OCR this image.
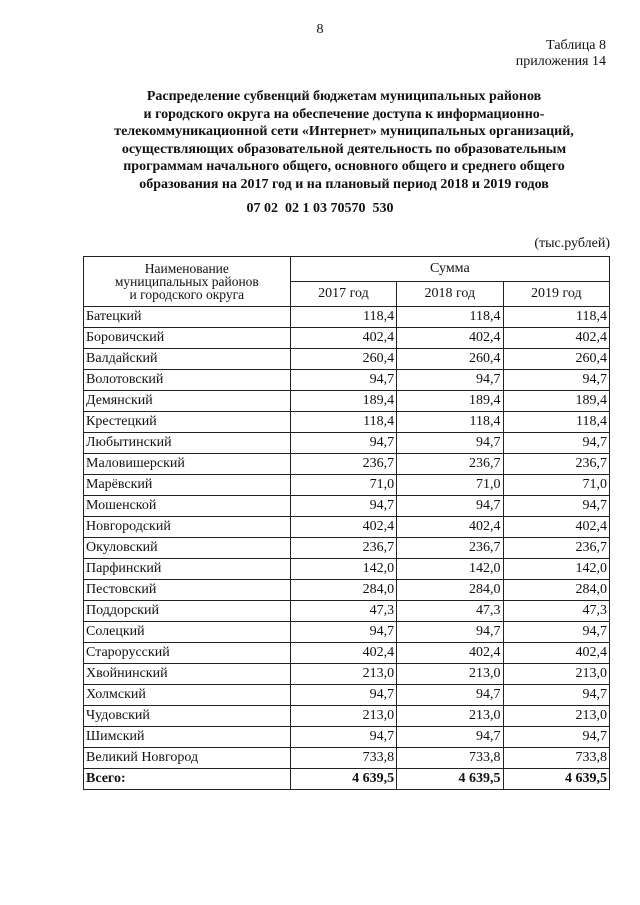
8
Таблица 8
приложения 14
Распределение субвенций бюджетам муниципальных районов
и городского округа на обеспечение доступа к информационно-
телекоммуникационной сети «Интернет» муниципальных организаций,
осуществляющих образовательной деятельность по образовательным
программам начального общего, основного общего и среднего общего
образования на 2017 год и на плановый период 2018 и 2019 годов
07 02  02 1 03 70570  530
(тыс.рублей)
Наименование
муниципальных районов
и городского округа	Сумма		
	2017 год	2018 год	2019 год
Батецкий	118,4	118,4	118,4
Боровичский	402,4	402,4	402,4
Валдайский	260,4	260,4	260,4
Волотовский	94,7	94,7	94,7
Демянский	189,4	189,4	189,4
Крестецкий	118,4	118,4	118,4
Любытинский	94,7	94,7	94,7
Маловишерский	236,7	236,7	236,7
Марёвский	71,0	71,0	71,0
Мошенской	94,7	94,7	94,7
Новгородский	402,4	402,4	402,4
Окуловский	236,7	236,7	236,7
Парфинский	142,0	142,0	142,0
Пестовский	284,0	284,0	284,0
Поддорский	47,3	47,3	47,3
Солецкий	94,7	94,7	94,7
Старорусский	402,4	402,4	402,4
Хвойнинский	213,0	213,0	213,0
Холмский	94,7	94,7	94,7
Чудовский	213,0	213,0	213,0
Шимский	94,7	94,7	94,7
Великий Новгород	733,8	733,8	733,8
Всего:	4 639,5	4 639,5	4 639,5
